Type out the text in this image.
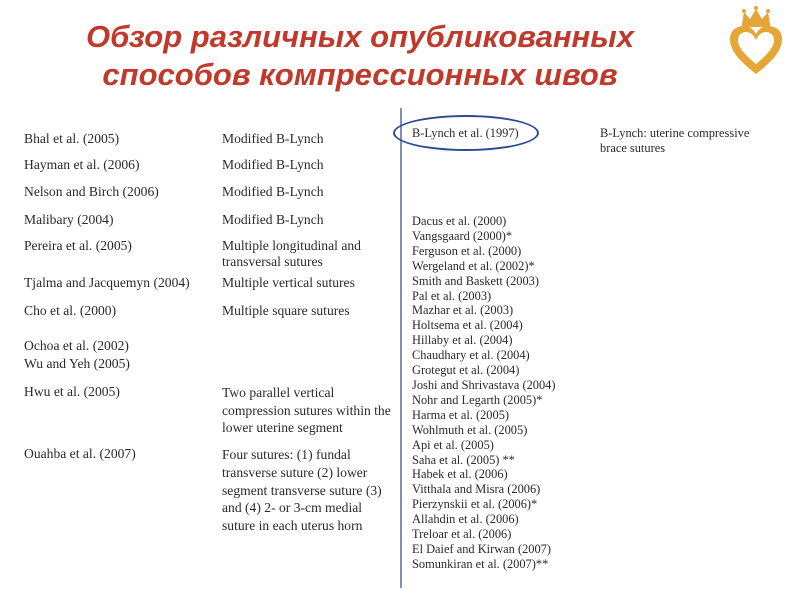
Обзор различных опубликованных
способов компрессионных швов
Bhal et al. (2005)	Modified B-Lynch
Hayman et al. (2006)	Modified B-Lynch
Nelson and Birch (2006)	Modified B-Lynch
Malibary (2004)	Modified B-Lynch
Pereira et al. (2005)	Multiple longitudinal and transversal sutures
Tjalma and Jacquemyn (2004)	Multiple vertical sutures
Cho et al. (2000)	Multiple square sutures
Ochoa et al. (2002)
Wu and Yeh (2005)
Hwu et al. (2005)	Two parallel vertical compression sutures within the lower uterine segment
Ouahba et al. (2007)	Four sutures: (1) fundal transverse suture (2) lower segment transverse suture (3) and (4) 2- or 3-cm medial suture in each uterus horn
B-Lynch et al. (1997)	B-Lynch: uterine compressive brace sutures
Dacus et al. (2000)
Vangsgaard (2000)*
Ferguson et al. (2000)
Wergeland et al. (2002)*
Smith and Baskett (2003)
Pal et al. (2003)
Mazhar et al. (2003)
Holtsema et al. (2004)
Hillaby et al. (2004)
Chaudhary et al. (2004)
Grotegut et al. (2004)
Joshi and Shrivastava (2004)
Nohr and Legarth (2005)*
Harma et al. (2005)
Wohlmuth et al. (2005)
Api et al. (2005)
Saha et al. (2005) **
Habek et al. (2006)
Vitthala and Misra (2006)
Pierzynskii et al. (2006)*
Allahdin et al. (2006)
Treloar et al. (2006)
El Daief and Kirwan (2007)
Somunkiran et al. (2007)**
